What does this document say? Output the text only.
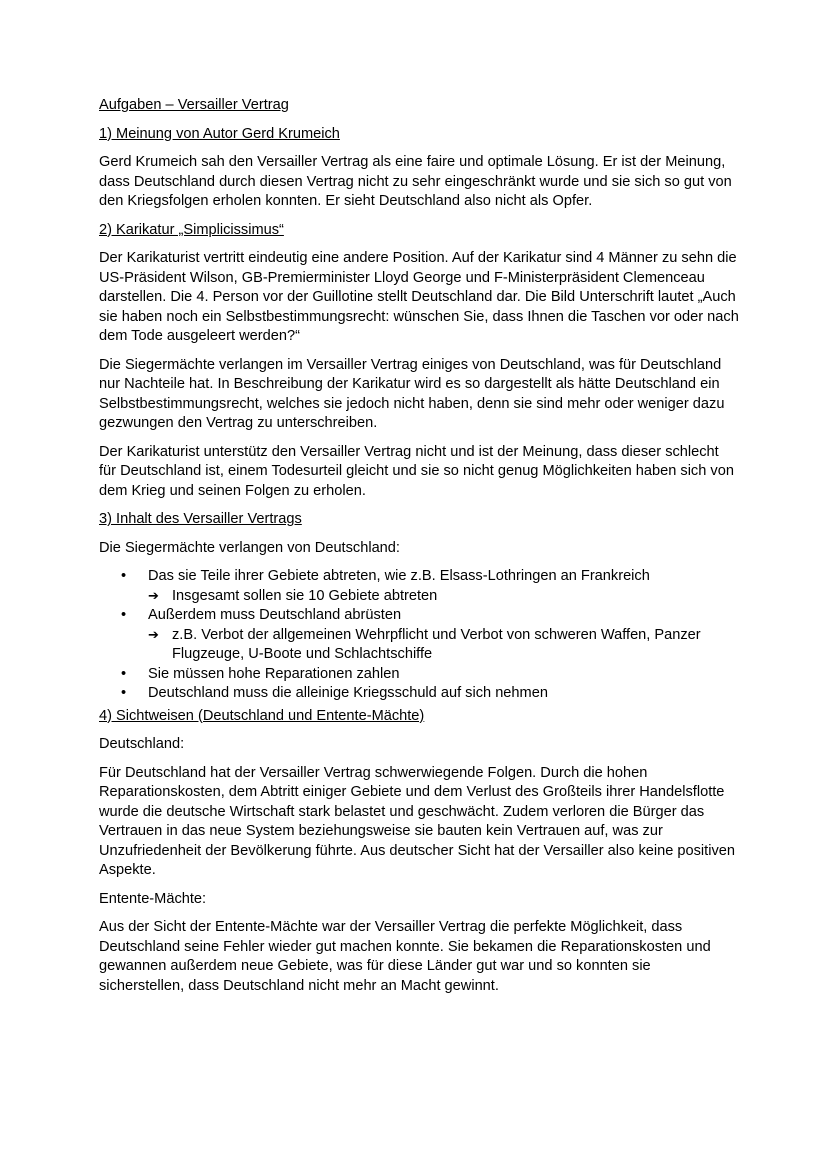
Aufgaben – Versailler Vertrag
1) Meinung von Autor Gerd Krumeich
Gerd Krumeich sah den Versailler Vertrag als eine faire und optimale Lösung. Er ist der Meinung, dass Deutschland durch diesen Vertrag nicht zu sehr eingeschränkt wurde und sie sich so gut von den Kriegsfolgen erholen konnten. Er sieht Deutschland also nicht als Opfer.
2) Karikatur „Simplicissimus“
Der Karikaturist vertritt eindeutig eine andere Position. Auf der Karikatur sind 4 Männer zu sehn die US-Präsident Wilson, GB-Premierminister Lloyd George und F-Ministerpräsident Clemenceau darstellen. Die 4. Person vor der Guillotine stellt Deutschland dar. Die Bild Unterschrift lautet „Auch sie haben noch ein Selbstbestimmungsrecht: wünschen Sie, dass Ihnen die Taschen vor oder nach dem Tode ausgeleert werden?“
Die Siegermächte verlangen im Versailler Vertrag einiges von Deutschland, was für Deutschland nur Nachteile hat. In Beschreibung der Karikatur wird es so dargestellt als hätte Deutschland ein Selbstbestimmungsrecht, welches sie jedoch nicht haben, denn sie sind mehr oder weniger dazu gezwungen den Vertrag zu unterschreiben.
Der Karikaturist unterstütz den Versailler Vertrag nicht und ist der Meinung, dass dieser schlecht für Deutschland ist, einem Todesurteil gleicht und sie so nicht genug Möglichkeiten haben sich von dem Krieg und seinen Folgen zu erholen.
3) Inhalt des Versailler Vertrags
Die Siegermächte verlangen von Deutschland:
• Das sie Teile ihrer Gebiete abtreten, wie z.B. Elsass-Lothringen an Frankreich
➔ Insgesamt sollen sie 10 Gebiete abtreten
• Außerdem muss Deutschland abrüsten
➔ z.B. Verbot der allgemeinen Wehrpflicht und Verbot von schweren Waffen, Panzer Flugzeuge, U-Boote und Schlachtschiffe
• Sie müssen hohe Reparationen zahlen
• Deutschland muss die alleinige Kriegsschuld auf sich nehmen
4) Sichtweisen (Deutschland und Entente-Mächte)
Deutschland:
Für Deutschland hat der Versailler Vertrag schwerwiegende Folgen. Durch die hohen Reparationskosten, dem Abtritt einiger Gebiete und dem Verlust des Großteils ihrer Handelsflotte wurde die deutsche Wirtschaft stark belastet und geschwächt. Zudem verloren die Bürger das Vertrauen in das neue System beziehungsweise sie bauten kein Vertrauen auf, was zur Unzufriedenheit der Bevölkerung führte. Aus deutscher Sicht hat der Versailler also keine positiven Aspekte.
Entente-Mächte:
Aus der Sicht der Entente-Mächte war der Versailler Vertrag die perfekte Möglichkeit, dass Deutschland seine Fehler wieder gut machen konnte. Sie bekamen die Reparationskosten und gewannen außerdem neue Gebiete, was für diese Länder gut war und so konnten sie sicherstellen, dass Deutschland nicht mehr an Macht gewinnt.
